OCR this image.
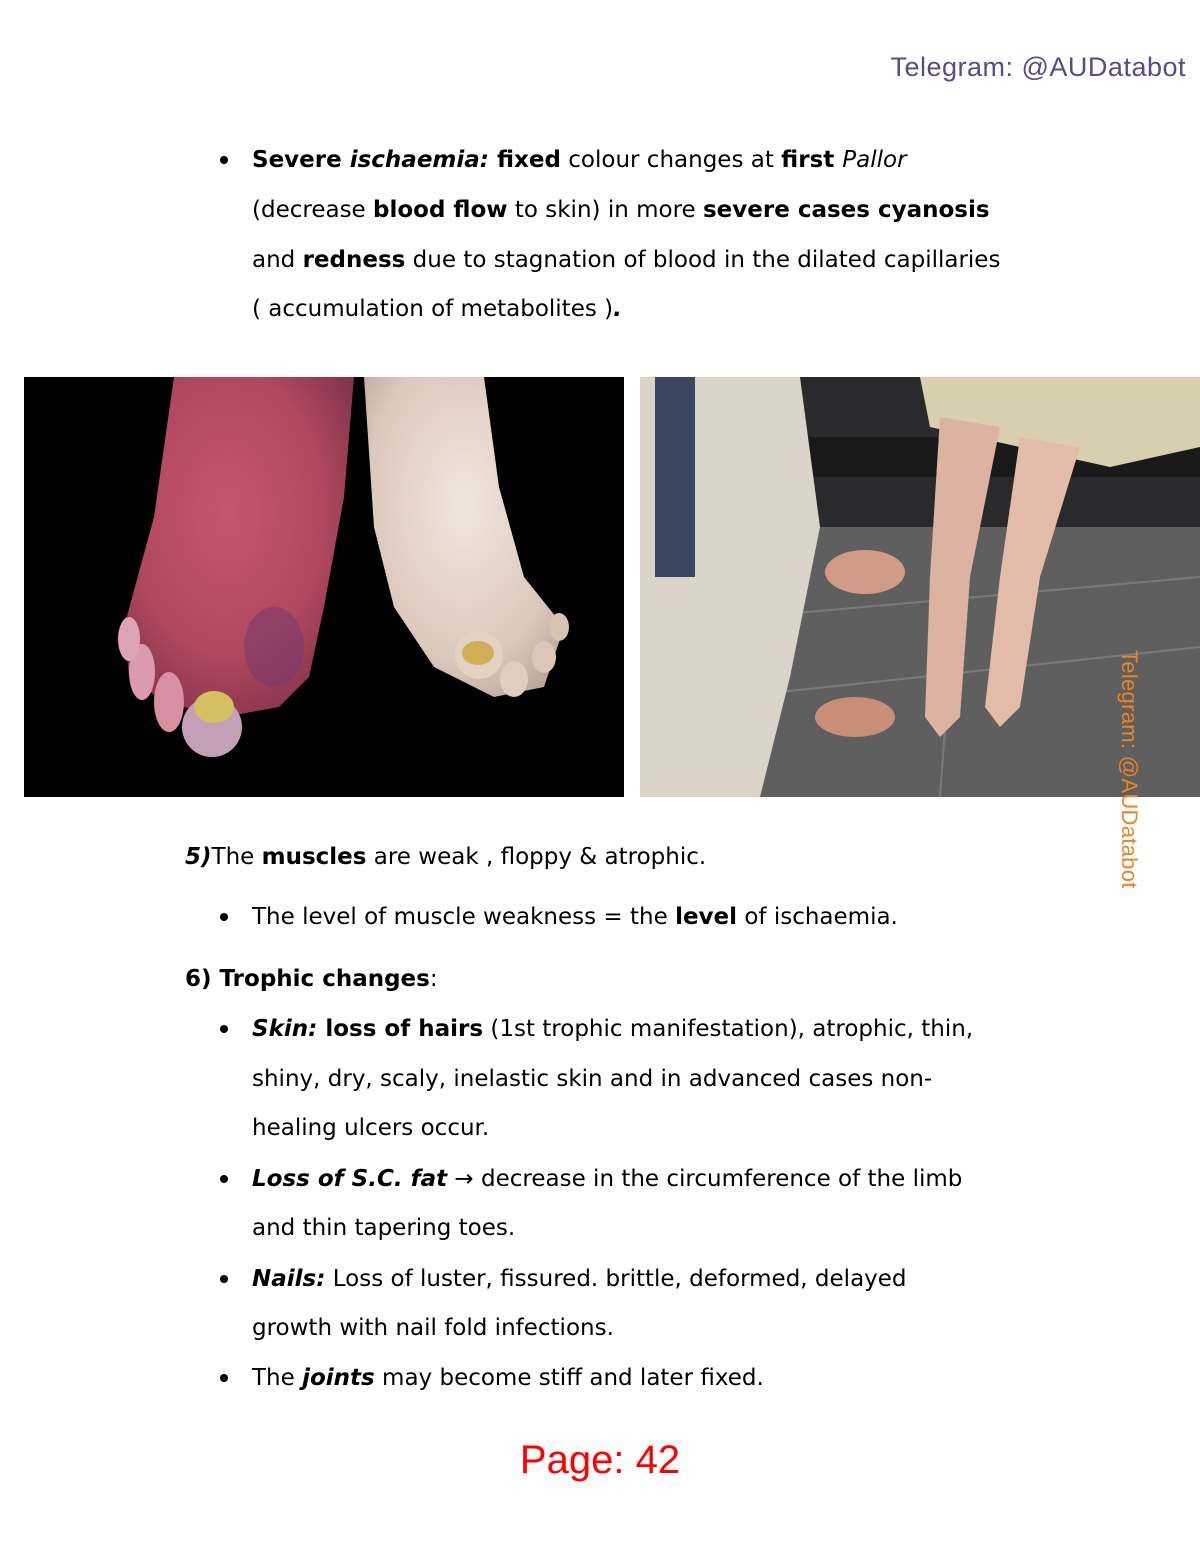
Telegram: @AUDatabot
Severe ischaemia: fixed colour changes at first Pallor
(decrease blood flow to skin) in more severe cases cyanosis
and redness due to stagnation of blood in the dilated capillaries
( accumulation of metabolites ).
Telegram: @AUDatabot
5)The muscles are weak , floppy & atrophic.
The level of muscle weakness = the level of ischaemia.
6) Trophic changes:
Skin: loss of hairs (1st trophic manifestation), atrophic, thin,
shiny, dry, scaly, inelastic skin and in advanced cases non-
healing ulcers occur.
Loss of S.C. fat → decrease in the circumference of the limb
and thin tapering toes.
Nails: Loss of luster, fissured. brittle, deformed, delayed
growth with nail fold infections.
The joints may become stiff and later fixed.
Page: 42
